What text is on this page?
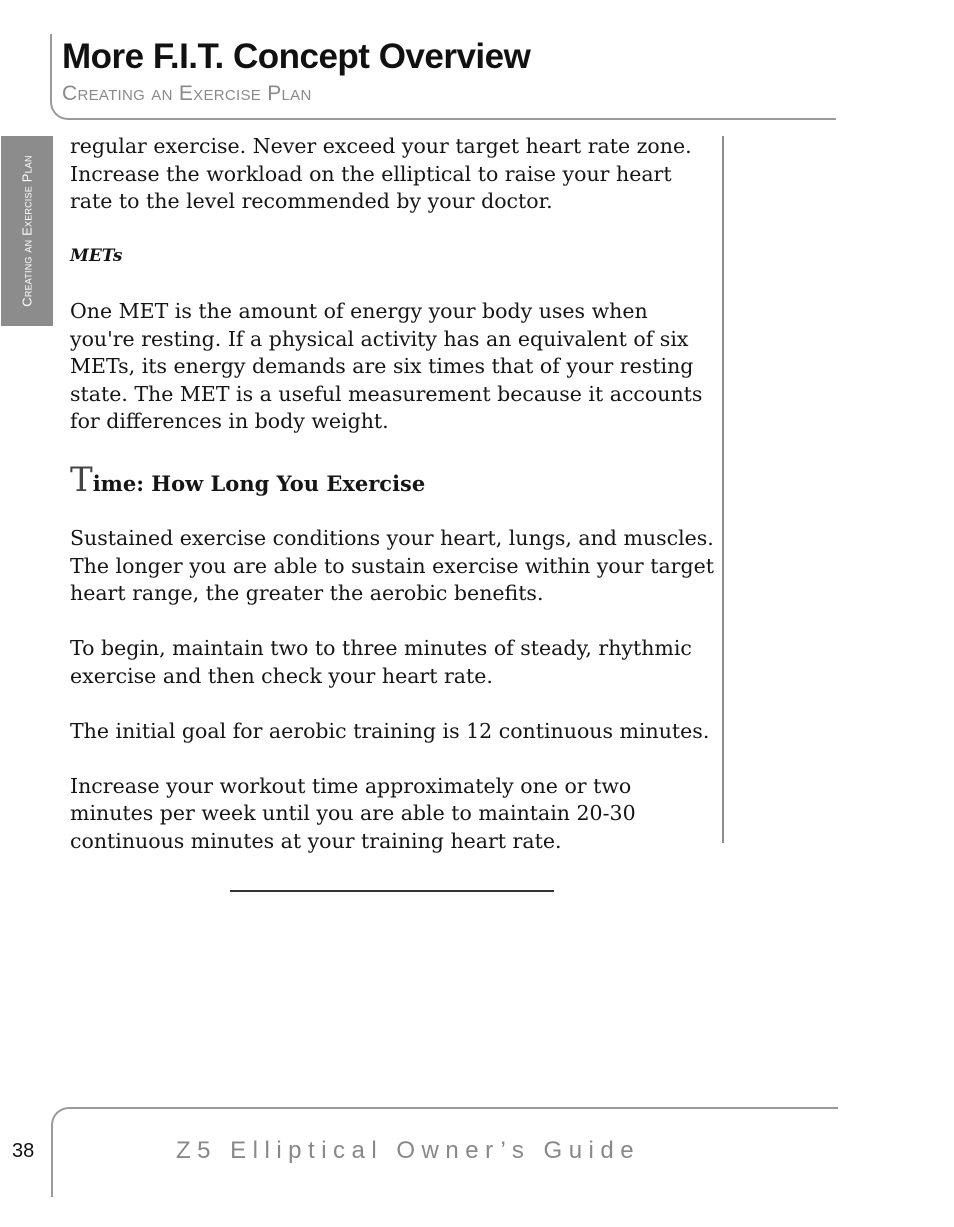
More F.I.T. Concept Overview
Creating an Exercise Plan
Creating an Exercise Plan

regular exercise. Never exceed your target heart rate zone. Increase the workload on the elliptical to raise your heart rate to the level recommended by your doctor.

METs

One MET is the amount of energy your body uses when you're resting. If a physical activity has an equivalent of six METs, its energy demands are six times that of your resting state. The MET is a useful measurement because it accounts for differences in body weight.

Time: How Long You Exercise

Sustained exercise conditions your heart, lungs, and muscles. The longer you are able to sustain exercise within your target heart range, the greater the aerobic benefits.

To begin, maintain two to three minutes of steady, rhythmic exercise and then check your heart rate.

The initial goal for aerobic training is 12 continuous minutes.

Increase your workout time approximately one or two minutes per week until you are able to maintain 20-30 continuous minutes at your training heart rate.

38	Z5 Elliptical Owner’s Guide
